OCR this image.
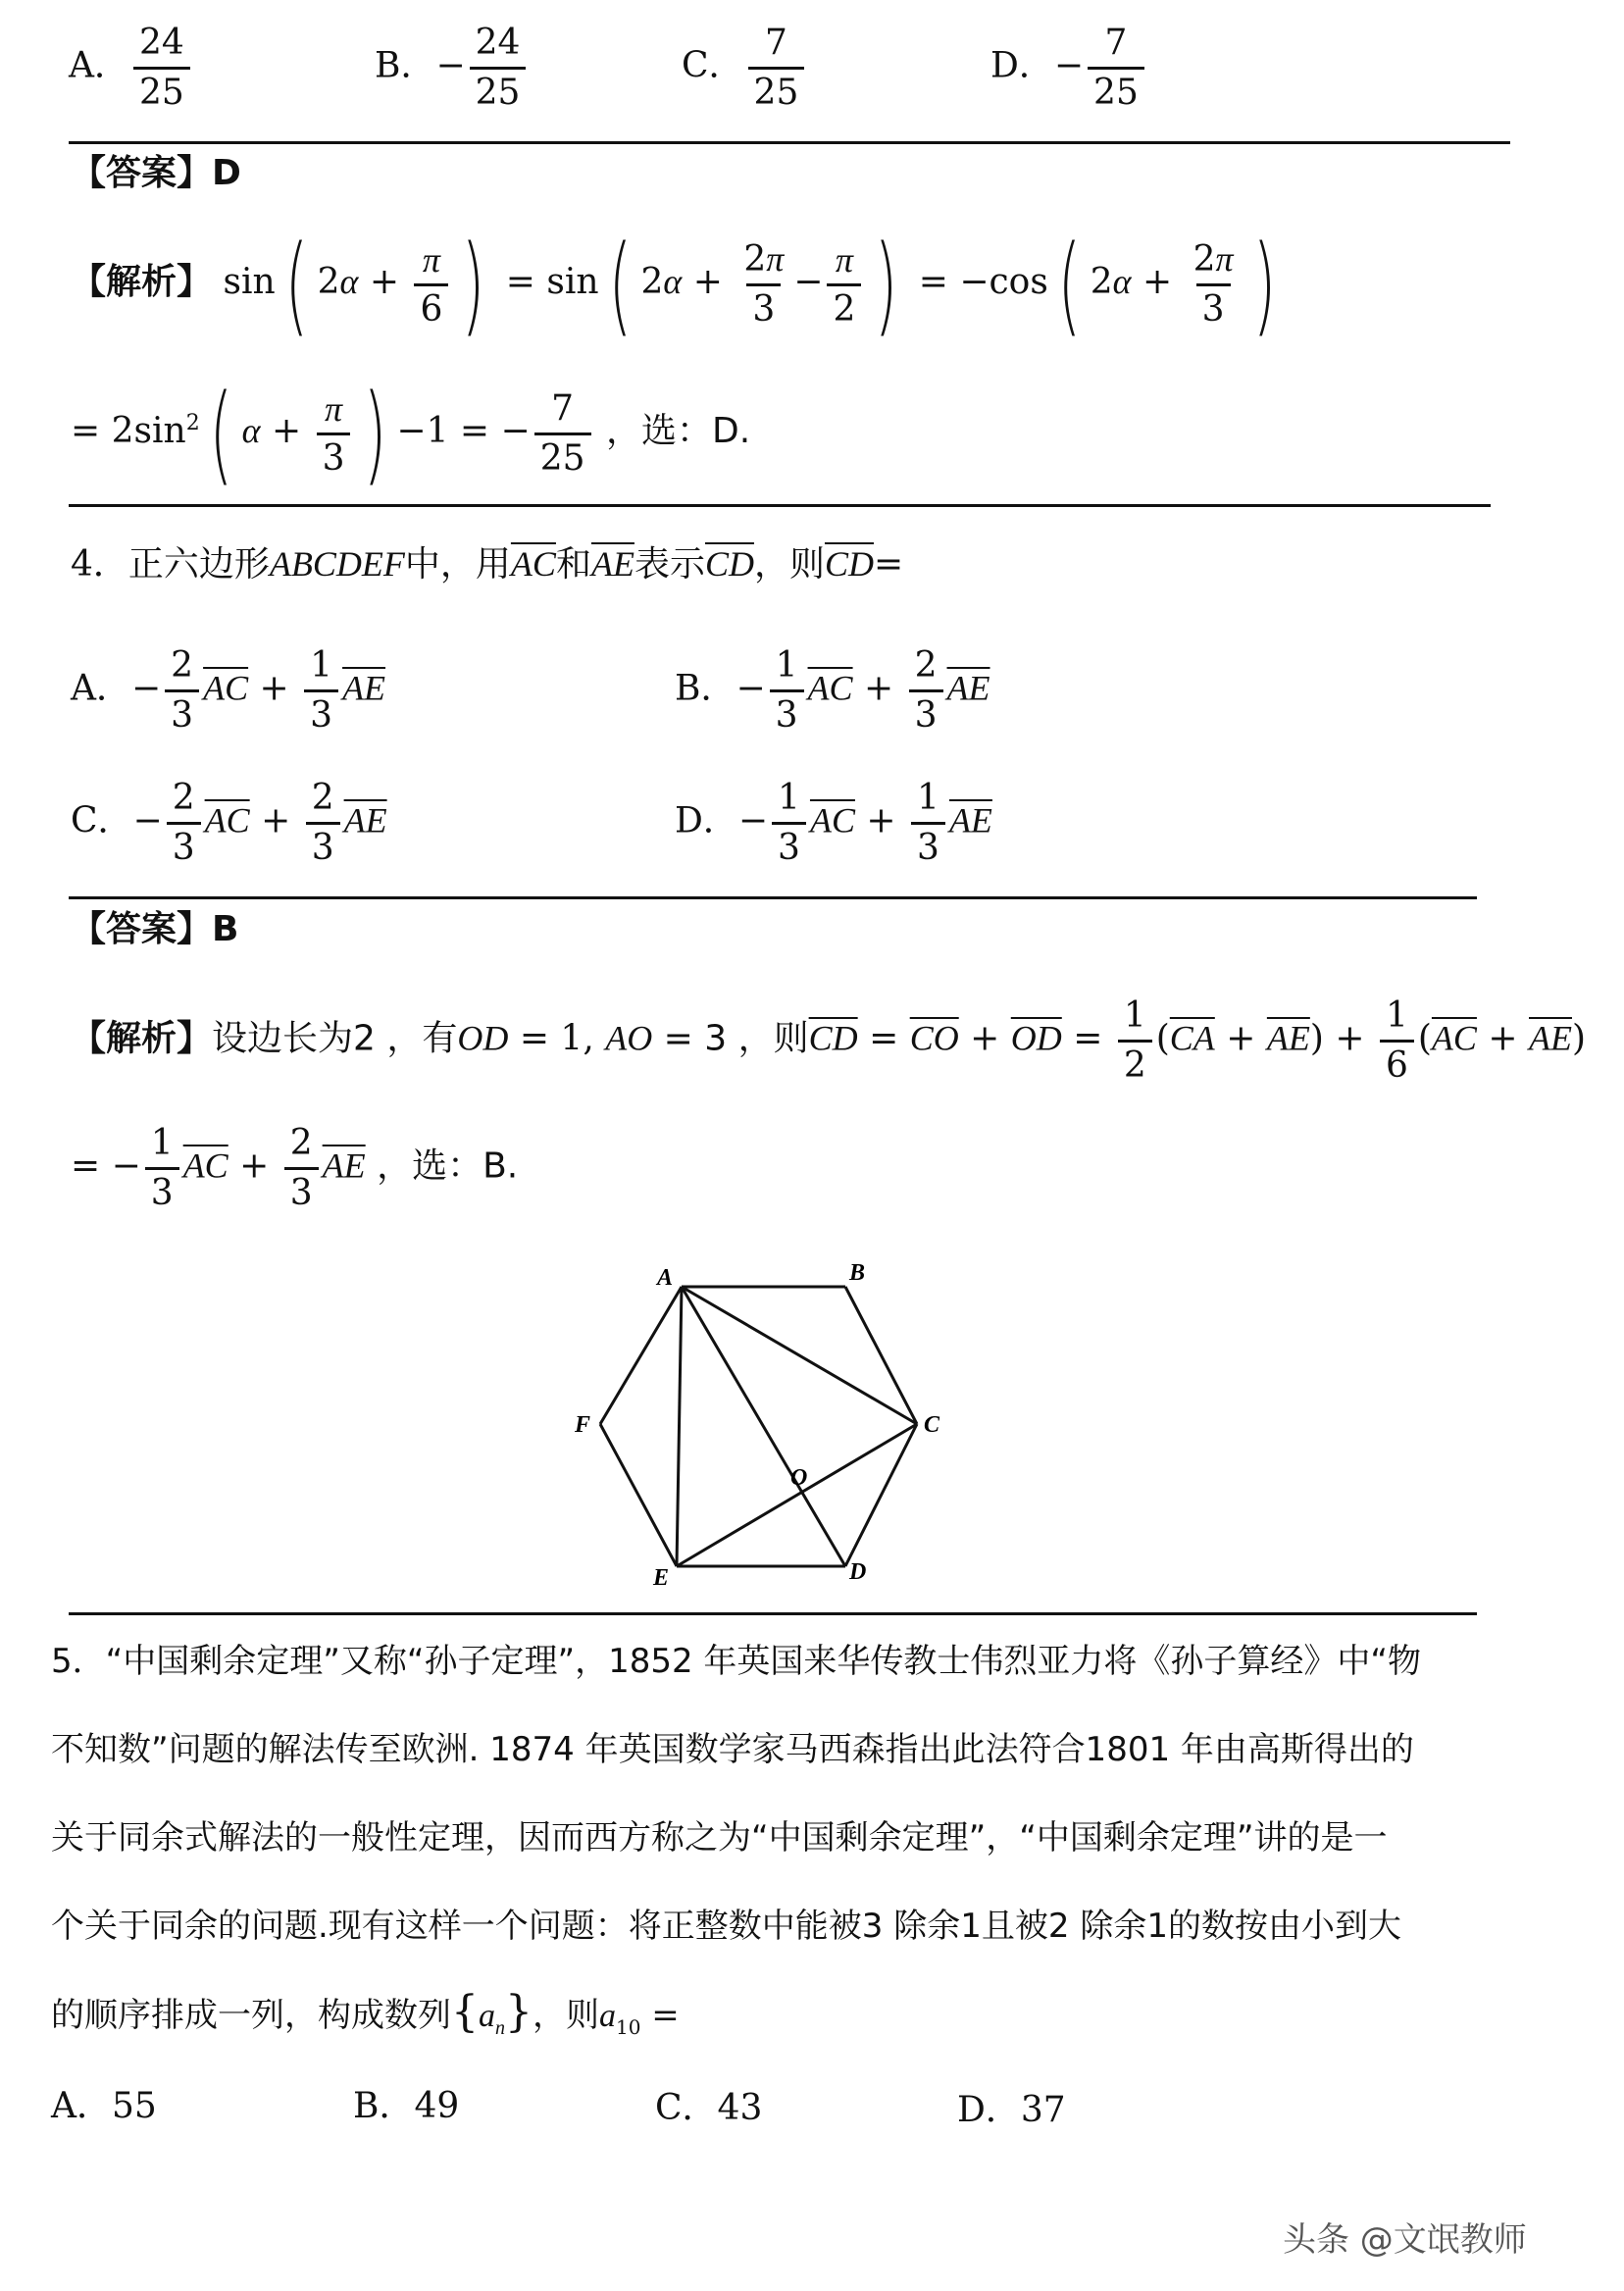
A． $\frac{24}{25}$	B．− $\frac{24}{25}$	C． $\frac{7}{25}$	D．− $\frac{7}{25}$
【答案】D
【解析】 sin( $2\alpha + \frac{\pi}{6}$ ) = sin( $2\alpha + \frac{2\pi}{3} - \frac{\pi}{2}$ ) = −cos( $2\alpha + \frac{2\pi}{3}$ )
= $2\sin^2$( $\alpha + \frac{\pi}{3}$ ) −1 = − $\frac{7}{25}$ ，选：D.
4．正六边形ABCDEF中，用$\overline{AC}$和$\overline{AE}$表示$\overline{CD}$，则$\overline{CD}=$
A．− $\frac{2}{3} \overline{AC} + \frac{1}{3} \overline{AE}$	B．− $\frac{1}{3} \overline{AC} + \frac{2}{3} \overline{AE}$
C．− $\frac{2}{3} \overline{AC} + \frac{2}{3} \overline{AE}$	D．− $\frac{1}{3} \overline{AC} + \frac{1}{3} \overline{AE}$
【答案】B
【解析】设边长为2 ，有OD = 1, AO = 3 ，则$\overline{CD} = \overline{CO} + \overline{OD} = \frac{1}{2} (\overline{CA} + \overline{AE}) + \frac{1}{6} (\overline{AC} + \overline{AE})$
= − $\frac{1}{3} \overline{AC} + \frac{2}{3} \overline{AE}$ ，选：B.
A	B
C
D
E
F
O
5．“中国剩余定理”又称“孙子定理”，1852 年英国来华传教士伟烈亚力将《孙子算经》中“物
不知数”问题的解法传至欧洲. 1874 年英国数学家马西森指出此法符合1801 年由高斯得出的
关于同余式解法的一般性定理，因而西方称之为“中国剩余定理”，“中国剩余定理”讲的是一
个关于同余的问题.现有这样一个问题：将正整数中能被3 除余1且被2 除余1的数按由小到大
的顺序排成一列，构成数列$\{a_n\}$，则$a_{10}$ =
A．55	B．49	C．43	D．37
头条 @文氓教师
